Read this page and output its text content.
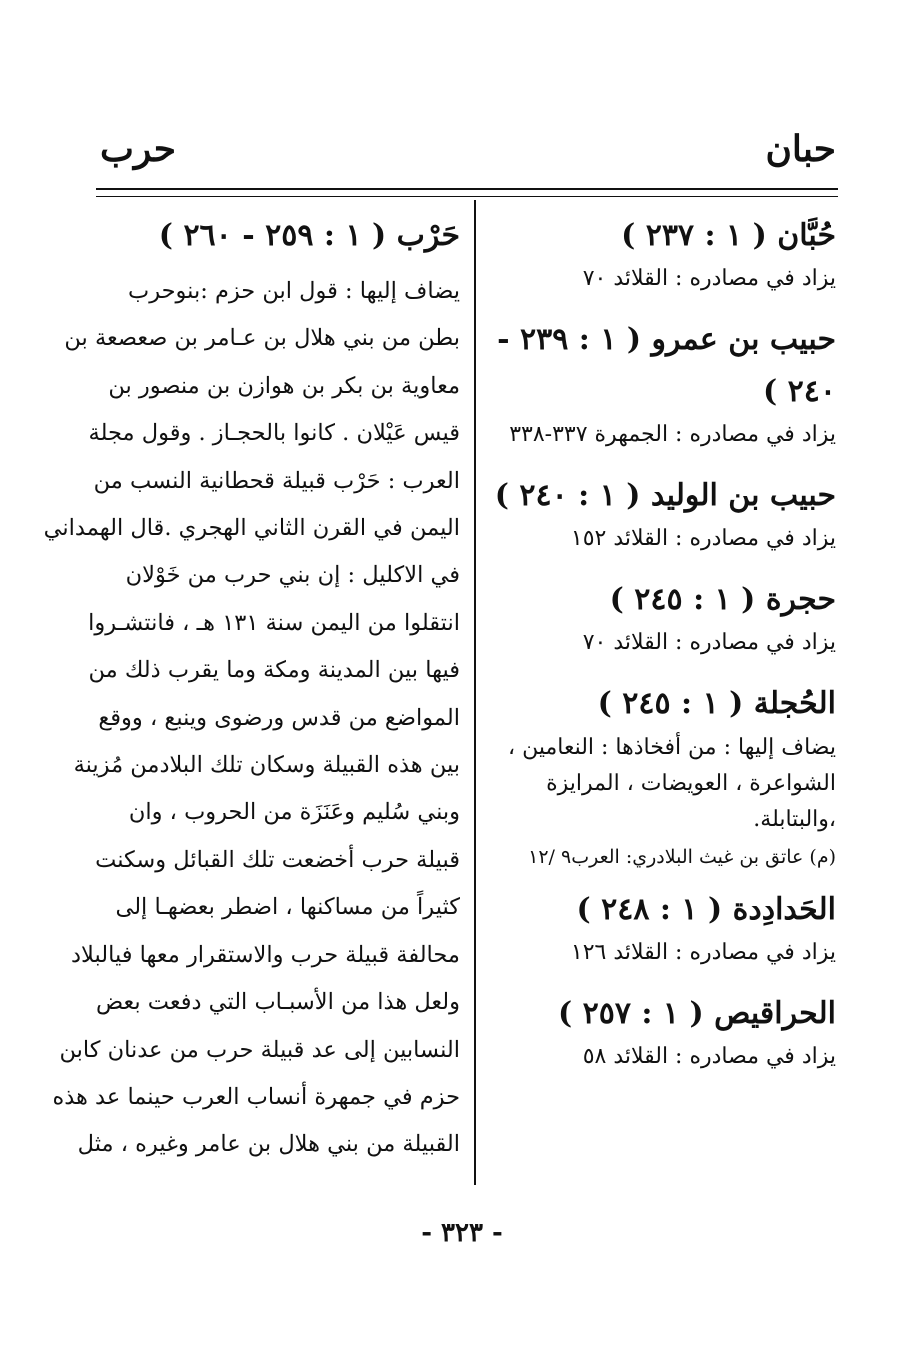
حبان
حرب
حُبَّان ( ١ : ٢٣٧ )
يزاد في مصادره : القلائد ٧٠
حبيب بن عمرو ( ١ : ٢٣٩ - ٢٤٠ )
يزاد في مصادره : الجمهرة ٣٣٧-٣٣٨
حبيب بن الوليد ( ١ : ٢٤٠ )
يزاد في مصادره : القلائد ١٥٢
حجرة ( ١ : ٢٤٥ )
يزاد في مصادره : القلائد ٧٠
الحُجلة ( ١ : ٢٤٥ )
يضاف إليها : من أفخاذها : النعامين ، الشواعرة ، العويضات ، المرايزة ،والبتابلة.
(م) عاتق بن غيث البلادري: العرب٩ /١٢
الحَدادِدة ( ١ : ٢٤٨ )
يزاد في مصادره : القلائد ١٢٦
الحراقيص ( ١ : ٢٥٧ )
يزاد في مصادره : القلائد ٥٨
حَرْب ( ١ : ٢٥٩ - ٢٦٠ )
يضاف إليها : قول ابن حزم :بنوحرب
بطن من بني هلال بن عـامر بن صعصعة بن
معاوية بن بكر بن هوازن بن منصور بن
قيس عَيْلان . كانوا بالحجـاز . وقول مجلة
العرب : حَرْب قبيلة قحطانية النسب من
اليمن في القرن الثاني الهجري .قال الهمداني
في الاكليل : إن بني حرب من خَوْلان
انتقلوا من اليمن سنة ١٣١ هـ ، فانتشـروا
فيها بين المدينة ومكة وما يقرب ذلك من
المواضع من قدس ورضوى وينبع ، ووقع
بين هذه القبيلة وسكان تلك البلادمن مُزينة
وبني سُليم وعَنَزَة من الحروب ، وان
قبيلة حرب أخضعت تلك القبائل وسكنت
كثيراً من مساكنها ، اضطر بعضهـا إلى
محالفة قبيلة حرب والاستقرار معها فيالبلاد
ولعل هذا من الأسبـاب التي دفعت بعض
النسابين إلى عد قبيلة حرب من عدنان كابن
حزم في جمهرة أنساب العرب حينما عد هذه
القبيلة من بني هلال بن عامر وغيره ، مثل
- ٣٢٣ -
